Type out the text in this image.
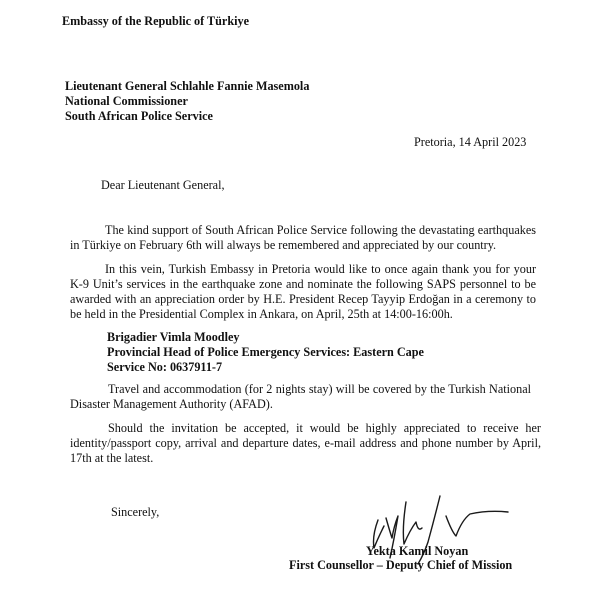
Embassy of the Republic of Türkiye

Lieutenant General Schlahle Fannie Masemola

National Commissioner

South African Police Service

Pretoria, 14 April 2023

Dear Lieutenant General,

The kind support of South African Police Service following the devastating earthquakes in Türkiye on February 6th will always be remembered and appreciated by our country.

In this vein, Turkish Embassy in Pretoria would like to once again thank you for your K-9 Unit’s services in the earthquake zone and nominate the following SAPS personnel to be awarded with an appreciation order by H.E. President Recep Tayyip Erdoğan in a ceremony to be held in the Presidential Complex in Ankara, on April, 25th at 14:00-16:00h.

Brigadier Vimla Moodley

Provincial Head of Police Emergency Services: Eastern Cape

Service No: 0637911-7

Travel and accommodation (for 2 nights stay) will be covered by the Turkish National Disaster Management Authority (AFAD).

Should the invitation be accepted, it would be highly appreciated to receive her identity/passport copy, arrival and departure dates, e-mail address and phone number by April, 17th at the latest.

Sincerely,

Yekta Kamil Noyan

First Counsellor – Deputy Chief of Mission
